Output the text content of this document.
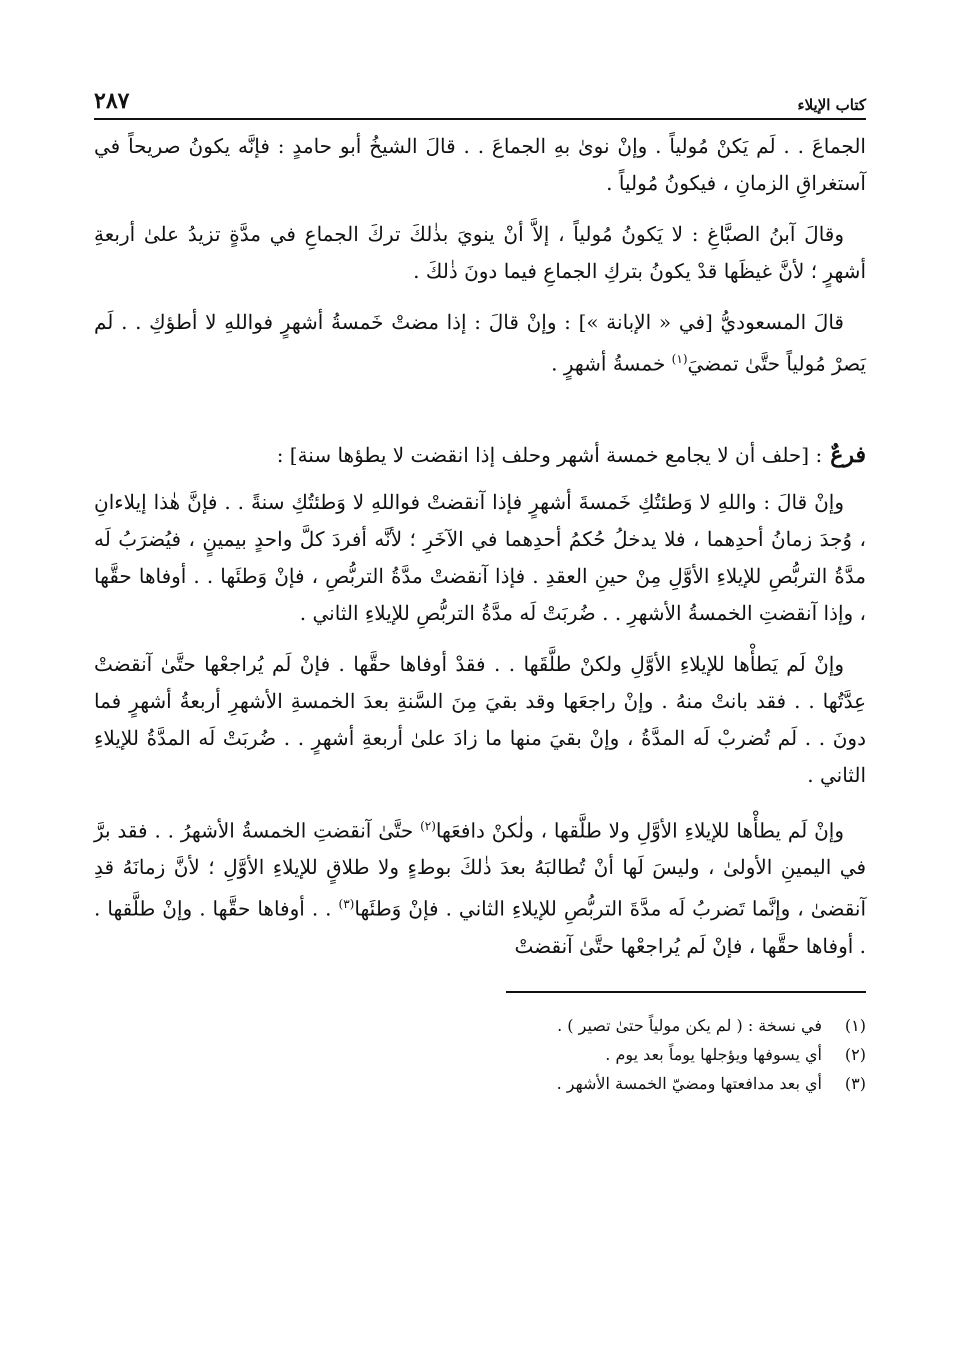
كتاب الإيلاء
٢٨٧

الجماعَ . . لَم يَكنْ مُولياً . وإنْ نوىٰ بهِ الجماعَ . . قالَ الشيخُ أبو حامدٍ : فإنَّه يكونُ صريحاً في آستغراقِ الزمانِ ، فيكونُ مُولياً .

وقالَ آبنُ الصبَّاغِ : لا يَكونُ مُولياً ، إلاَّ أنْ ينويَ بذٰلكَ تركَ الجماعِ في مدَّةٍ تزيدُ علىٰ أربعةِ أشهرٍ ؛ لأنَّ غيظَها قدْ يكونُ بتركِ الجماعِ فيما دونَ ذٰلكَ .

قالَ المسعوديُّ [في « الإبانة »] : وإنْ قالَ : إذا مضتْ خَمسةُ أشهرٍ فواللهِ لا أطؤكِ . . لَم يَصرْ مُولياً حتَّىٰ تمضيَ$^{(١)}$ خمسةُ أشهرٍ .

فرعٌ: [حلف أن لا يجامع خمسة أشهر وحلف إذا انقضت لا يطؤها سنة] :

وإنْ قالَ : واللهِ لا وَطئتُكِ خَمسةَ أشهرٍ فإذا آنقضتْ فواللهِ لا وَطئتُكِ سنةً . . فإنَّ هٰذا إيلاءانِ ، وُجدَ زمانُ أحدِهما ، فلا يدخلُ حُكمُ أحدِهما في الآخَرِ ؛ لأنَّه أفردَ كلَّ واحدٍ بيمينٍ ، فيُضرَبُ لَه مدَّةُ التربُّصِ للإيلاءِ الأوَّلِ مِنْ حينِ العقدِ . فإذا آنقضتْ مدَّةُ التربُّصِ ، فإنْ وَطئَها . . أوفاها حقَّها ، وإذا آنقضتِ الخمسةُ الأشهرِ . . ضُربَتْ لَه مدَّةُ التربُّصِ للإيلاءِ الثاني .

وإنْ لَم يَطأْها للإيلاءِ الأوَّلِ ولكنْ طلَّقَها . . فقدْ أوفاها حقَّها . فإنْ لَم يُراجعْها حتَّىٰ آنقضتْ عِدَّتُها . . فقد بانتْ منهُ . وإنْ راجعَها وقد بقيَ مِنَ السَّنةِ بعدَ الخمسةِ الأشهرِ أربعةُ أشهرٍ فما دونَ . . لَم تُضربْ لَه المدَّةُ ، وإنْ بقيَ منها ما زادَ علىٰ أربعةِ أشهرٍ . . ضُربَتْ لَه المدَّةُ للإيلاءِ الثاني .

وإنْ لَم يطأْها للإيلاءِ الأوَّلِ ولا طلَّقها ، ولٰكنْ دافعَها$^{(٢)}$ حتَّىٰ آنقضتِ الخمسةُ الأشهرُ . . فقد برَّ في اليمينِ الأولىٰ ، وليسَ لَها أنْ تُطالبَهُ بعدَ ذٰلكَ بوطءٍ ولا طلاقٍ للإيلاءِ الأوَّلِ ؛ لأنَّ زمانَهُ قدِ آنقضىٰ ، وإنَّما تَضربُ لَه مدَّةَ التربُّصِ للإيلاءِ الثاني . فإنْ وَطئَها$^{(٣)}$ . . أوفاها حقَّها . وإنْ طلَّقها . . أوفاها حقَّها ، فإنْ لَم يُراجعْها حتَّىٰ آنقضتْ

(١)
في نسخة : ( لم يكن مولياً حتىٰ تصير ) .
(٢)
أي يسوفها ويؤجلها يوماً بعد يوم .
(٣)
أي بعد مدافعتها ومضيّ الخمسة الأشهر .
